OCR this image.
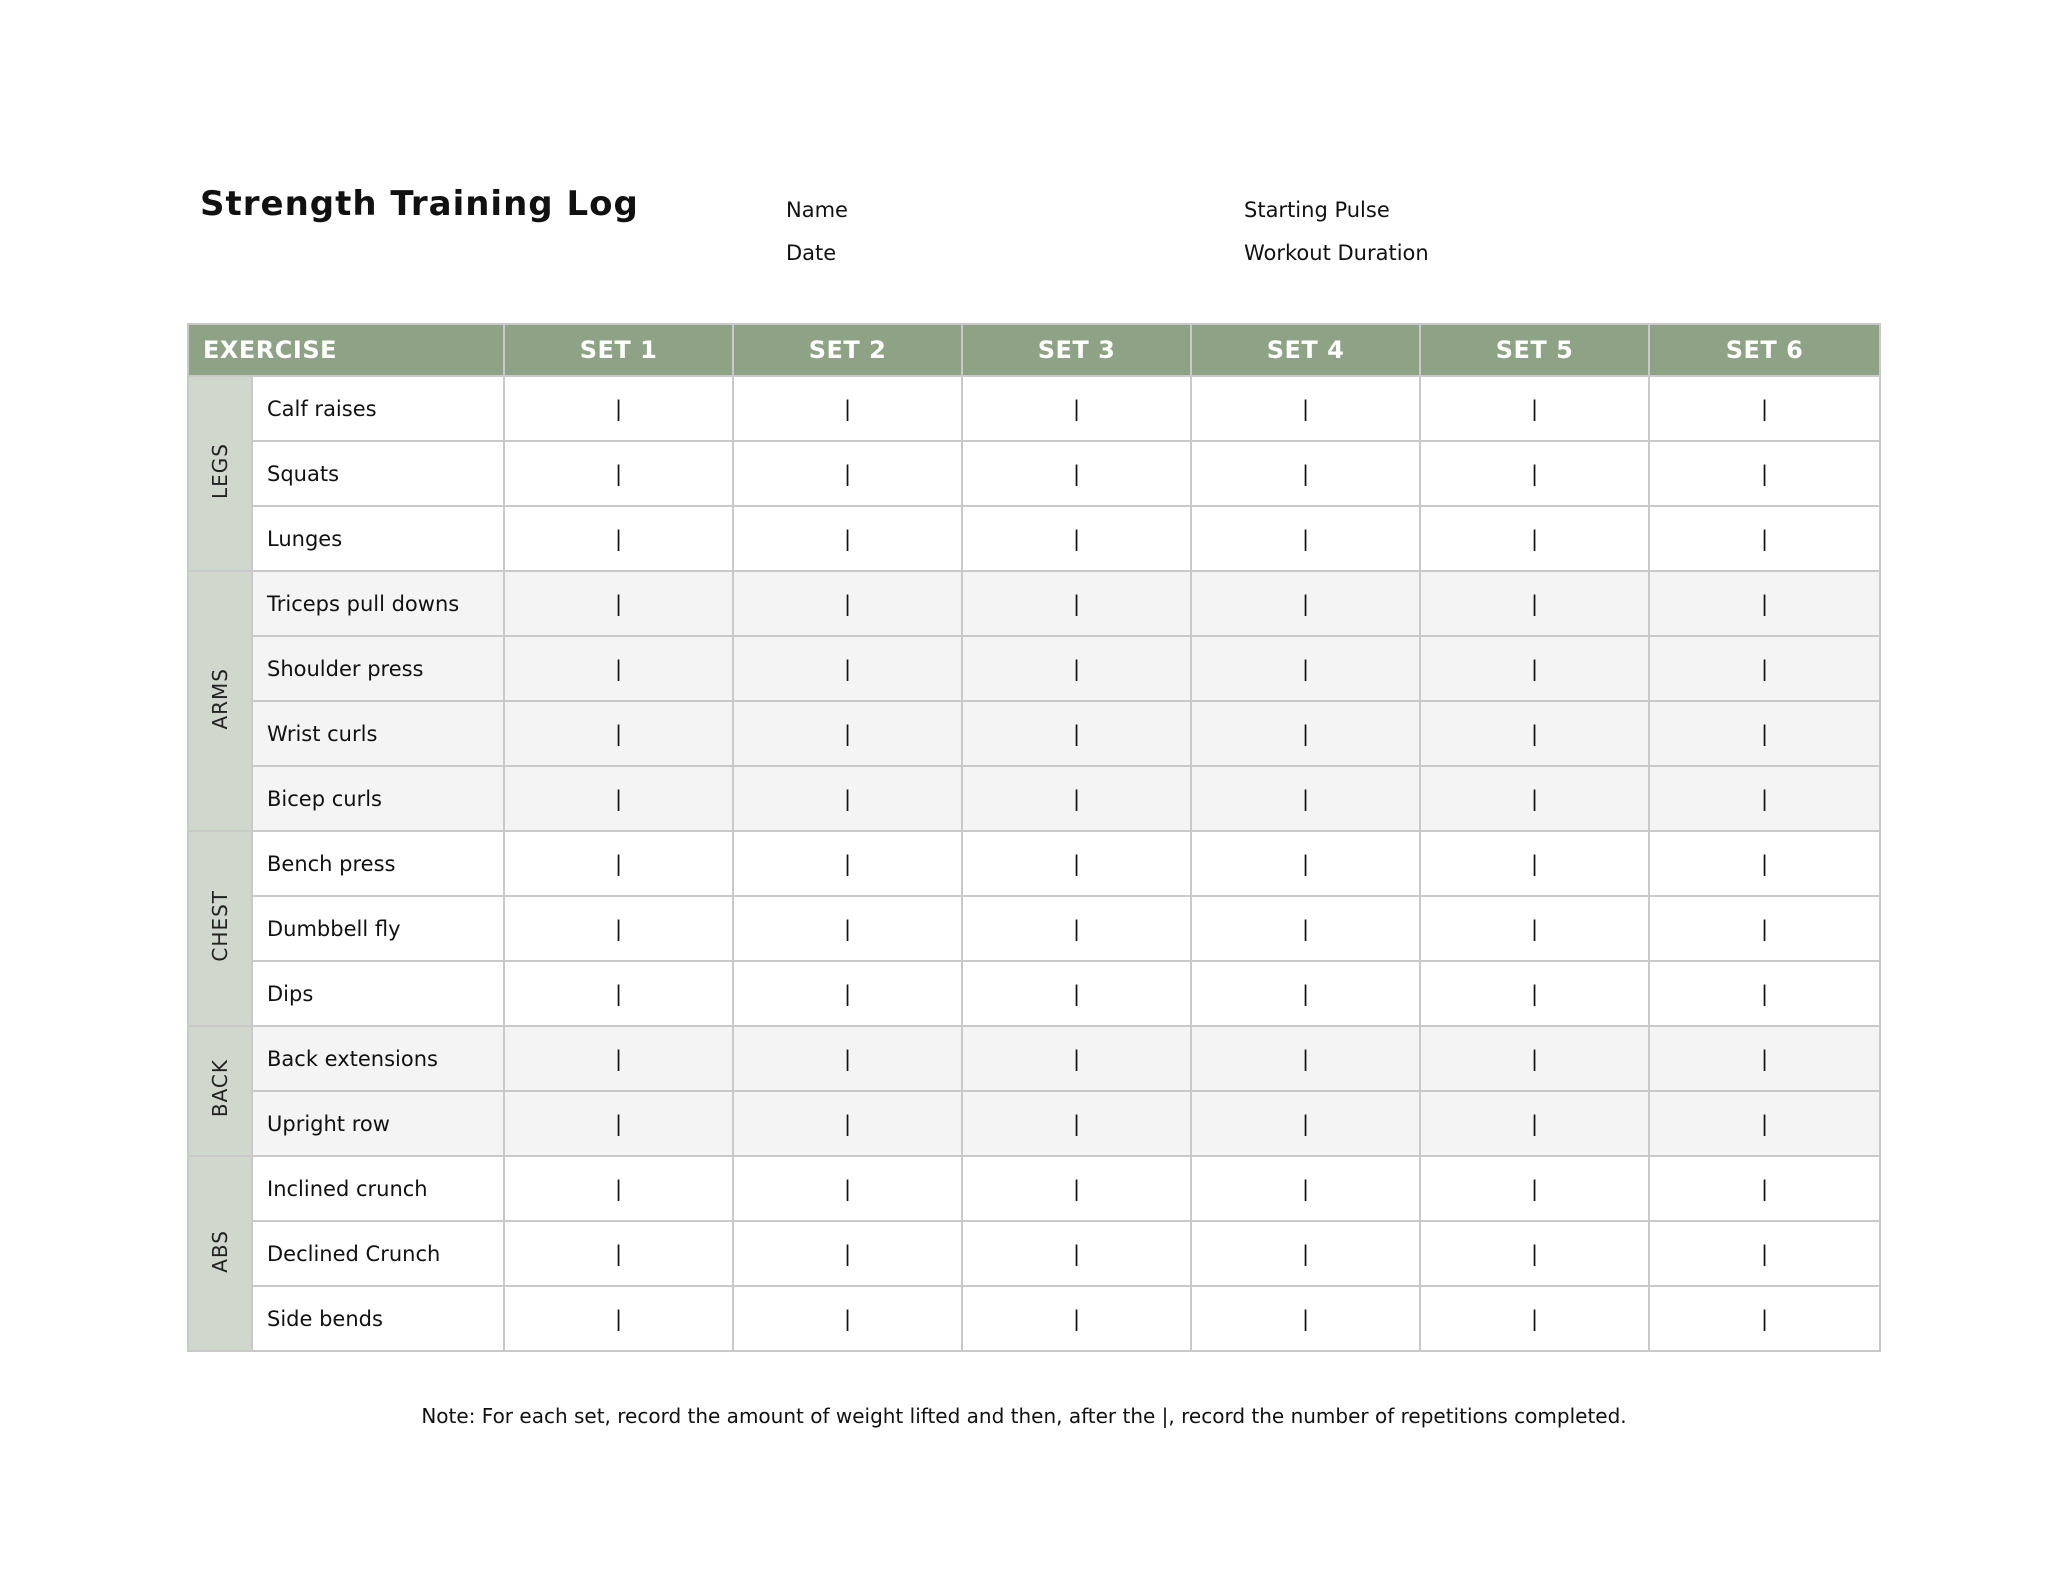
Strength Training Log	Name
Date
Starting Pulse
Workout Duration
EXERCISE		SET 1	SET 2	SET 3	SET 4	SET 5	SET 6
LEGS	Calf raises	|	|	|	|	|	|
	Squats	|	|	|	|	|	|
	Lunges	|	|	|	|	|	|
ARMS	Triceps pull downs	|	|	|	|	|	|
	Shoulder press	|	|	|	|	|	|
	Wrist curls	|	|	|	|	|	|
	Bicep curls	|	|	|	|	|	|
CHEST	Bench press	|	|	|	|	|	|
	Dumbbell fly	|	|	|	|	|	|
	Dips	|	|	|	|	|	|
BACK	Back extensions	|	|	|	|	|	|
	Upright row	|	|	|	|	|	|
ABS	Inclined crunch	|	|	|	|	|	|
	Declined Crunch	|	|	|	|	|	|
	Side bends	|	|	|	|	|	|
Note: For each set, record the amount of weight lifted and then, after the |, record the number of repetitions completed.
